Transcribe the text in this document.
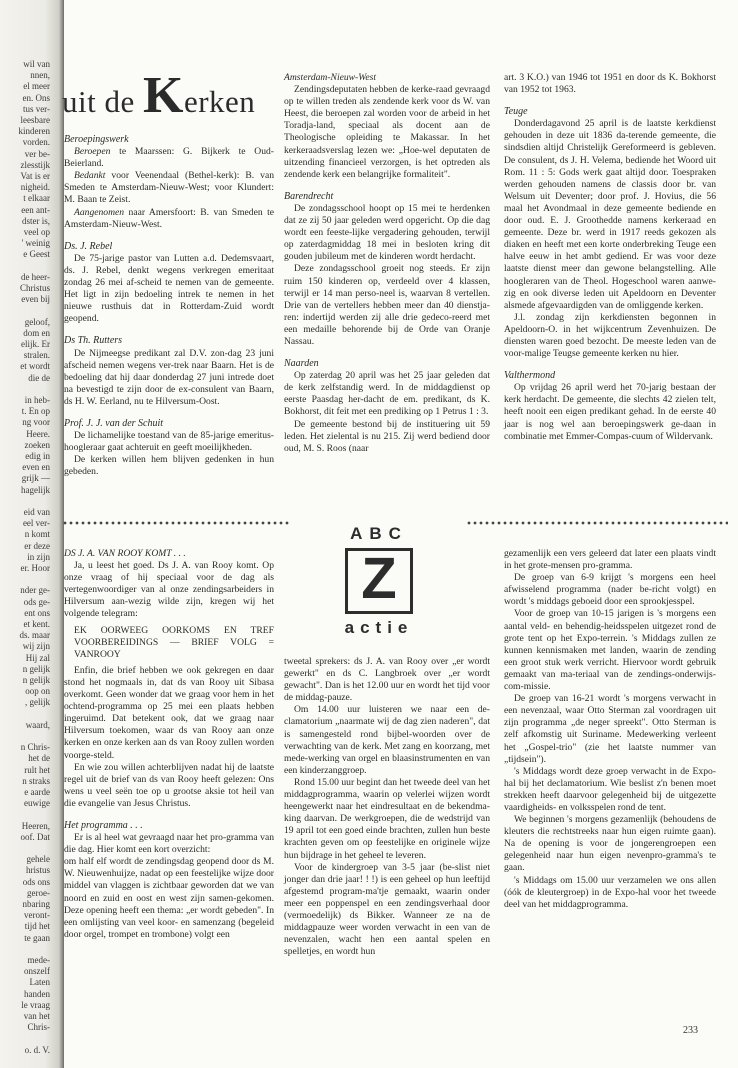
wil van
nnen,
el meer
en. Ons
tus ver-
leesbare
kinderen
vorden.
ver be-
zlesstijk
Vat is er
nigheid.
t elkaar
een ant-
dster is,
veel op
' weinig
e Geest
de heer-
Christus
even bij
geloof,
dom en
elijk. Er
stralen.
et wordt
die de
in heb-
t. En op
ng voor
Heere.
zoeken
edig in
even en
grijk —
hagelijk
eid van
eel ver-
n komt
er deze
in zijn
er. Hoor
nder ge-
ods ge-
ent ons
et kent.
ds. maar
wij zijn
Hij zal
n gelijk
n gelijk
oop on
, gelijk
waard,
n Chris-
het de
rult het
n straks
e aarde
euwige
Heeren,
oof. Dat
gehele
hristus
ods ons
geroe-
nbaring
veront-
tijd het
te gaan
mede-
onszelf
Laten
handen
le vraag
van het
Chris-
o. d. V.
uit de Kerken

Beroepingswerk

Beroepen te Maarssen: G. Bijkerk te Oud-Beierland.

Bedankt voor Veenendaal (Bethel-kerk): B. van Smeden te Amsterdam-Nieuw-West; voor Klundert: M. Baan te Zeist.

Aangenomen naar Amersfoort: B. van Smeden te Amsterdam-Nieuw-West.

Ds. J. Rebel

De 75-jarige pastor van Lutten a.d. Dedemsvaart, ds. J. Rebel, denkt wegens verkregen emeritaat zondag 26 mei af-scheid te nemen van de gemeente. Het ligt in zijn bedoeling intrek te nemen in het nieuwe rusthuis dat in Rotterdam-Zuid wordt geopend.

Ds Th. Rutters

De Nijmeegse predikant zal D.V. zon-dag 23 juni afscheid nemen wegens ver-trek naar Baarn. Het is de bedoeling dat hij daar donderdag 27 juni intrede doet na bevestigd te zijn door de ex-consulent van Baarn, ds H. W. Eerland, nu te Hilversum-Oost.

Prof. J. J. van der Schuit

De lichamelijke toestand van de 85-jarige emeritus-hoogleraar gaat achteruit en geeft moeilijkheden.

De kerken willen hem blijven gedenken in hun gebeden.

Amsterdam-Nieuw-West

Zendingsdeputaten hebben de kerke-raad gevraagd op te willen treden als zendende kerk voor ds W. van Heest, die beroepen zal worden voor de arbeid in het Toradja-land, speciaal als docent aan de Theologische opleiding te Makassar. In het kerkeraadsverslag lezen we: „Hoe-wel deputaten de uitzending financieel verzorgen, is het optreden als zendende kerk een belangrijke formaliteit".

Barendrecht

De zondagsschool hoopt op 15 mei te herdenken dat ze zij 50 jaar geleden werd opgericht. Op die dag wordt een feeste-lijke vergadering gehouden, terwijl op zaterdagmiddag 18 mei in besloten kring dit gouden jubileum met de kinderen wordt herdacht.

Deze zondagsschool groeit nog steeds. Er zijn ruim 150 kinderen op, verdeeld over 4 klassen, terwijl er 14 man perso-neel is, waarvan 8 vertellen. Drie van de vertellers hebben meer dan 40 dienstja-ren: indertijd werden zij alle drie gedeco-reerd met een medaille behorende bij de Orde van Oranje Nassau.

Naarden

Op zaterdag 20 april was het 25 jaar geleden dat de kerk zelfstandig werd. In de middagdienst op eerste Paasdag her-dacht de em. predikant, ds K. Bokhorst, dit feit met een prediking op 1 Petrus 1 : 3.

De gemeente bestond bij de instituering uit 59 leden. Het zielental is nu 215. Zij werd bediend door oud, M. S. Roos (naar

art. 3 K.O.) van 1946 tot 1951 en door ds K. Bokhorst van 1952 tot 1963.

Teuge

Donderdagavond 25 april is de laatste kerkdienst gehouden in deze uit 1836 da-terende gemeente, die sindsdien altijd Christelijk Gereformeerd is gebleven. De consulent, ds J. H. Velema, bediende het Woord uit Rom. 11 : 5: Gods werk gaat altijd door. Toespraken werden gehouden namens de classis door br. van Welsum uit Deventer; door prof. J. Hovius, die 56 maal het Avondmaal in deze gemeente bediende en door oud. E. J. Groothedde namens kerkeraad en gemeente. Deze br. werd in 1917 reeds gekozen als diaken en heeft met een korte onderbreking Teuge een halve eeuw in het ambt gediend. Er was voor deze laatste dienst meer dan gewone belangstelling. Alle hoogleraren van de Theol. Hogeschool waren aanwe-zig en ook diverse leden uit Apeldoorn en Deventer alsmede afgevaardigden van de omliggende kerken.

J.l. zondag zijn kerkdiensten begonnen in Apeldoorn-O. in het wijkcentrum Zevenhuizen. De diensten waren goed bezocht. De meeste leden van de voor-malige Teugse gemeente kerken nu hier.

Valthermond

Op vrijdag 26 april werd het 70-jarig bestaan der kerk herdacht. De gemeente, die slechts 42 zielen telt, heeft nooit een eigen predikant gehad. In de eerste 40 jaar is nog wel aan beroepingswerk ge-daan in combinatie met Emmer-Compas-cuum of Wildervank.

ABC
Z
actie

DS J. A. VAN ROOY KOMT . . .

Ja, u leest het goed. Ds J. A. van Rooy komt. Op onze vraag of hij speciaal voor de dag als vertegenwoordiger van al onze zendingsarbeiders in Hilversum aan-wezig wilde zijn, kregen wij het volgende telegram:

EK OORWEEG OORKOMS EN TREF VOORBEREIDINGS — BRIEF VOLG = VANROOY

Enfin, die brief hebben we ook gekregen en daar stond het nogmaals in, dat ds van Rooy uit Sibasa overkomt. Geen wonder dat we graag voor hem in het ochtend-programma op 25 mei een plaats hebben ingeruimd. Dat betekent ook, dat we graag naar Hilversum toekomen, waar ds van Rooy aan onze kerken en onze kerken aan ds van Rooy zullen worden voorge-steld.

En wie zou willen achterblijven nadat hij de laatste regel uit de brief van ds van Rooy heeft gelezen: Ons wens u veel seën toe op u grootse aksie tot heil van die evangelie van Jesus Christus.

Het programma . . .

Er is al heel wat gevraagd naar het pro-gramma van die dag. Hier komt een kort overzicht:

om half elf wordt de zendingsdag geopend door ds M. W. Nieuwenhuijze, nadat op een feestelijke wijze door middel van vlaggen is zichtbaar geworden dat we van noord en zuid en oost en west zijn samen-gekomen. Deze opening heeft een thema: „er wordt gebeden". In een omlijsting van veel koor- en samenzang (begeleid door orgel, trompet en trombone) volgt een

tweetal sprekers: ds J. A. van Rooy over „er wordt gewerkt" en ds C. Langbroek over „er wordt gewacht". Dan is het 12.00 uur en wordt het tijd voor de middag-pauze.

Om 14.00 uur luisteren we naar een de-clamatorium „naarmate wij de dag zien naderen", dat is samengesteld rond bijbel-woorden over de verwachting van de kerk. Met zang en koorzang, met mede-werking van orgel en blaasinstrumenten en van een kinderzanggroep.

Rond 15.00 uur begint dan het tweede deel van het middagprogramma, waarin op velerlei wijzen wordt heengewerkt naar het eindresultaat en de bekendma-king daarvan. De werkgroepen, die de wedstrijd van 19 april tot een goed einde brachten, zullen hun beste krachten geven om op feestelijke en originele wijze hun bijdrage in het geheel te leveren.

Voor de kindergroep van 3-5 jaar (be-slist niet jonger dan drie jaar! ! !) is een geheel op hun leeftijd afgestemd program-ma'tje gemaakt, waarin onder meer een poppenspel en een zendingsverhaal door (vermoedelijk) ds Bikker. Wanneer ze na de middagpauze weer worden verwacht in een van de nevenzalen, wacht hen een aantal spelen en spelletjes, en wordt hun

gezamenlijk een vers geleerd dat later een plaats vindt in het grote-mensen pro-gramma.

De groep van 6-9 krijgt 's morgens een heel afwisselend programma (nader be-richt volgt) en wordt 's middags geboeid door een sprookjesspel.

Voor de groep van 10-15 jarigen is 's morgens een aantal veld- en behendig-heidsspelen uitgezet rond de grote tent op het Expo-terrein. 's Middags zullen ze kunnen kennismaken met landen, waarin de zending een groot stuk werk verricht. Hiervoor wordt gebruik gemaakt van ma-teriaal van de zendings-onderwijs-com-missie.

De groep van 16-21 wordt 's morgens verwacht in een nevenzaal, waar Otto Sterman zal voordragen uit zijn programma „de neger spreekt". Otto Sterman is zelf afkomstig uit Suriname. Medewerking verleent het „Gospel-trio" (zie het laatste nummer van „tijdsein").

's Middags wordt deze groep verwacht in de Expo-hal bij het declamatorium. Wie beslist z'n benen moet strekken heeft daarvoor gelegenheid bij de uitgezette vaardigheids- en volksspelen rond de tent.

We beginnen 's morgens gezamenlijk (behoudens de kleuters die rechtstreeks naar hun eigen ruimte gaan). Na de opening is voor de jongerengroepen een gelegenheid naar hun eigen nevenpro-gramma's te gaan.

's Middags om 15.00 uur verzamelen we ons allen (óók de kleutergroep) in de Expo-hal voor het tweede deel van het middagprogramma.

233
